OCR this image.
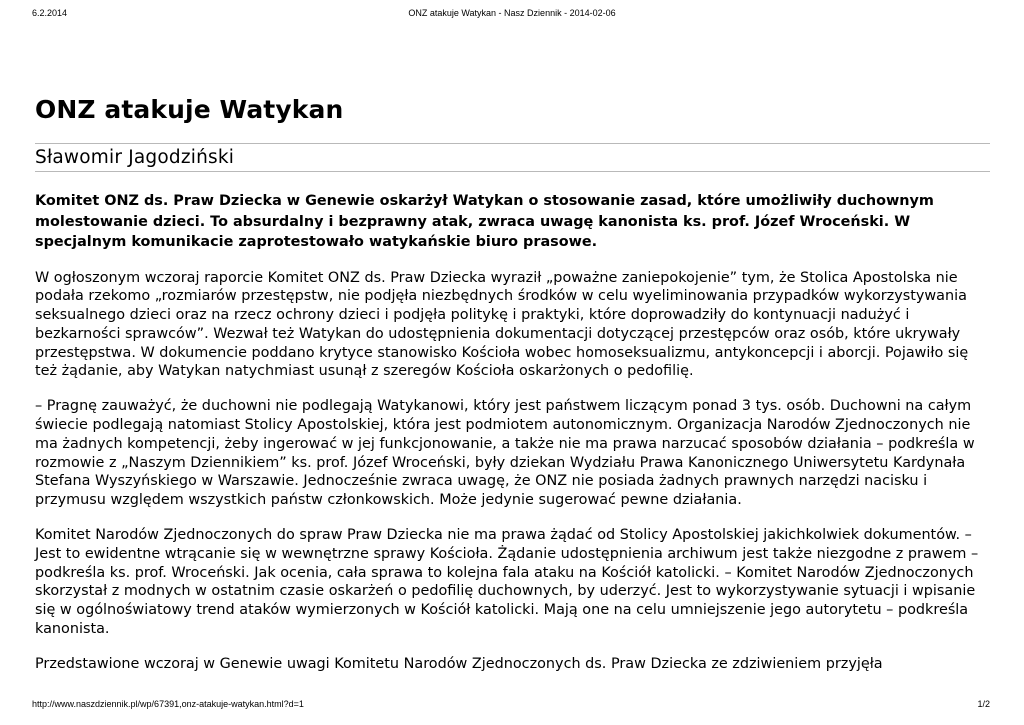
6.2.2014	ONZ atakuje Watykan - Nasz Dziennik - 2014-02-06
ONZ atakuje Watykan
Sławomir Jagodziński
Komitet ONZ ds. Praw Dziecka w Genewie oskarżył Watykan o stosowanie zasad, które umożliwiły duchownym molestowanie dzieci. To absurdalny i bezprawny atak, zwraca uwagę kanonista ks. prof. Józef Wroceński. W specjalnym komunikacie zaprotestowało watykańskie biuro prasowe.
W ogłoszonym wczoraj raporcie Komitet ONZ ds. Praw Dziecka wyraził „poważne zaniepokojenie” tym, że Stolica Apostolska nie podała rzekomo „rozmiarów przestępstw, nie podjęła niezbędnych środków w celu wyeliminowania przypadków wykorzystywania seksualnego dzieci oraz na rzecz ochrony dzieci i podjęła politykę i praktyki, które doprowadziły do kontynuacji nadużyć i bezkarności sprawców”. Wezwał też Watykan do udostępnienia dokumentacji dotyczącej przestępców oraz osób, które ukrywały przestępstwa. W dokumencie poddano krytyce stanowisko Kościoła wobec homoseksualizmu, antykoncepcji i aborcji. Pojawiło się też żądanie, aby Watykan natychmiast usunął z szeregów Kościoła oskarżonych o pedofilię.
– Pragnę zauważyć, że duchowni nie podlegają Watykanowi, który jest państwem liczącym ponad 3 tys. osób. Duchowni na całym świecie podlegają natomiast Stolicy Apostolskiej, która jest podmiotem autonomicznym. Organizacja Narodów Zjednoczonych nie ma żadnych kompetencji, żeby ingerować w jej funkcjonowanie, a także nie ma prawa narzucać sposobów działania – podkreśla w rozmowie z „Naszym Dziennikiem” ks. prof. Józef Wroceński, były dziekan Wydziału Prawa Kanonicznego Uniwersytetu Kardynała Stefana Wyszyńskiego w Warszawie. Jednocześnie zwraca uwagę, że ONZ nie posiada żadnych prawnych narzędzi nacisku i przymusu względem wszystkich państw członkowskich. Może jedynie sugerować pewne działania.
Komitet Narodów Zjednoczonych do spraw Praw Dziecka nie ma prawa żądać od Stolicy Apostolskiej jakichkolwiek dokumentów. – Jest to ewidentne wtrącanie się w wewnętrzne sprawy Kościoła. Żądanie udostępnienia archiwum jest także niezgodne z prawem – podkreśla ks. prof. Wroceński. Jak ocenia, cała sprawa to kolejna fala ataku na Kościół katolicki. – Komitet Narodów Zjednoczonych skorzystał z modnych w ostatnim czasie oskarżeń o pedofilię duchownych, by uderzyć. Jest to wykorzystywanie sytuacji i wpisanie się w ogólnoświatowy trend ataków wymierzonych w Kościół katolicki. Mają one na celu umniejszenie jego autorytetu – podkreśla kanonista.
Przedstawione wczoraj w Genewie uwagi Komitetu Narodów Zjednoczonych ds. Praw Dziecka ze zdziwieniem przyjęła
http://www.naszdziennik.pl/wp/67391,onz-atakuje-watykan.html?d=1	1/2
